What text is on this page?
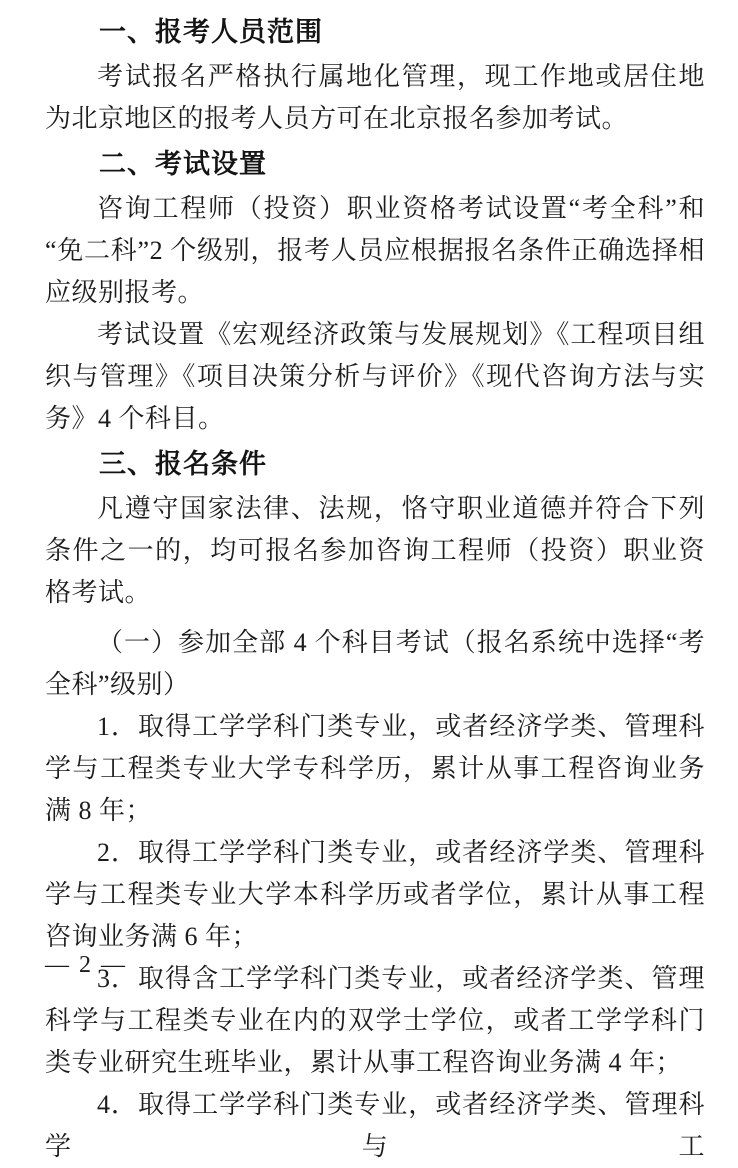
一、报考人员范围

考试报名严格执行属地化管理，现工作地或居住地为北京地区的报考人员方可在北京报名参加考试。

二、考试设置

咨询工程师（投资）职业资格考试设置“考全科”和“免二科”2 个级别，报考人员应根据报名条件正确选择相应级别报考。

考试设置《宏观经济政策与发展规划》《工程项目组织与管理》《项目决策分析与评价》《现代咨询方法与实务》4 个科目。

三、报名条件

凡遵守国家法律、法规，恪守职业道德并符合下列条件之一的，均可报名参加咨询工程师（投资）职业资格考试。

（一）参加全部 4 个科目考试（报名系统中选择“考全科”级别）

1．取得工学学科门类专业，或者经济学类、管理科学与工程类专业大学专科学历，累计从事工程咨询业务满 8 年；

2．取得工学学科门类专业，或者经济学类、管理科学与工程类专业大学本科学历或者学位，累计从事工程咨询业务满 6 年；

3．取得含工学学科门类专业，或者经济学类、管理科学与工程类专业在内的双学士学位，或者工学学科门类专业研究生班毕业，累计从事工程咨询业务满 4 年；

4．取得工学学科门类专业，或者经济学类、管理科学与工

— 2 —
